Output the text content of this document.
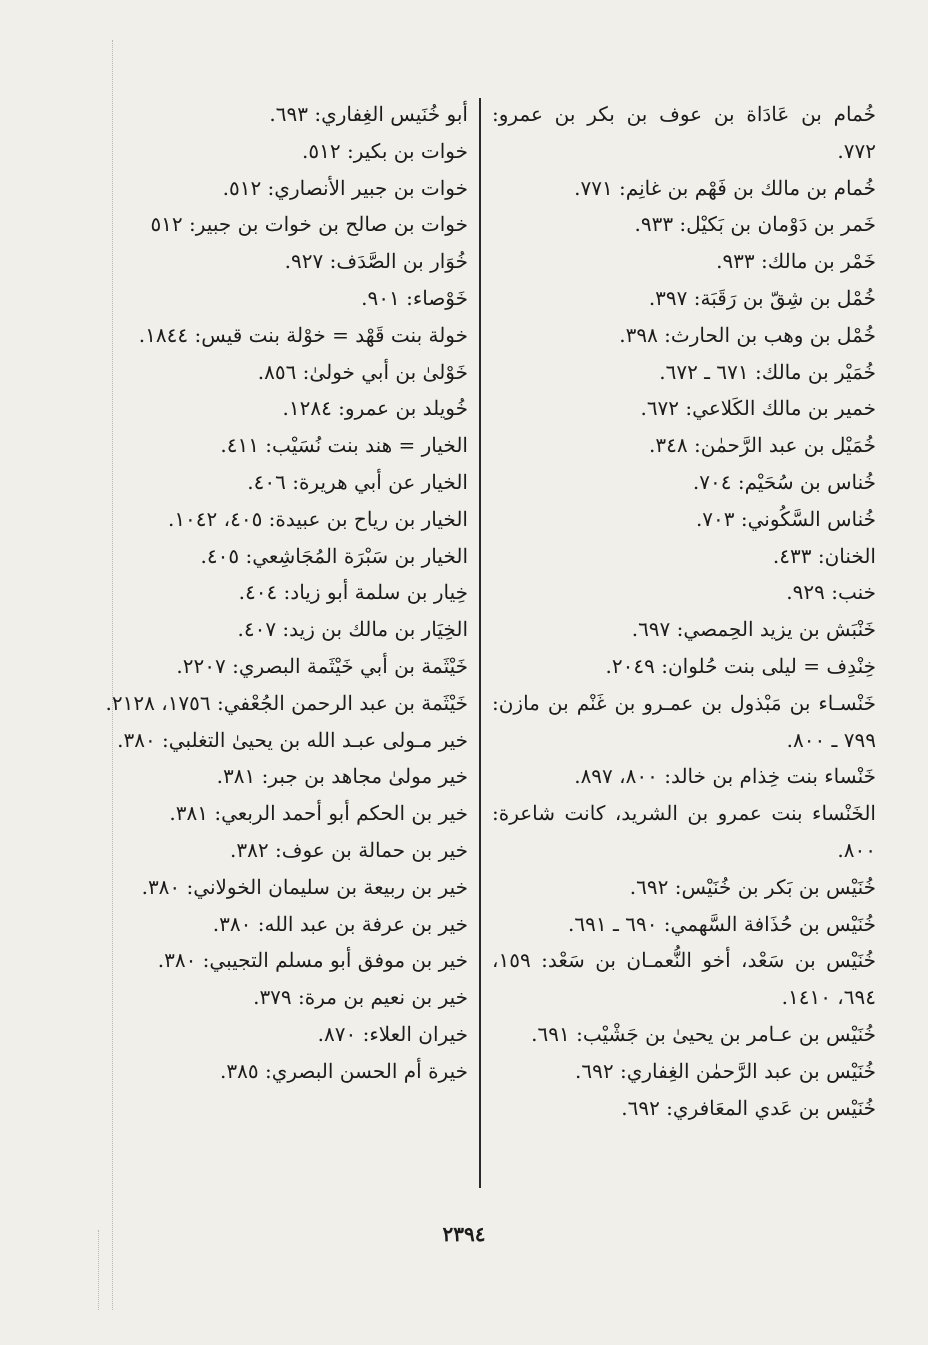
خُمام بن عَادَاة بن عوف بن بكر بن عمرو: ٧٧٢.

خُمام بن مالك بن فَهْم بن غانِم: ٧٧١.

خَمر بن دَوْمان بن بَكيْل: ٩٣٣.

خَمْر بن مالك: ٩٣٣.

خُمْل بن شِقّ بن رَقَبَة: ٣٩٧.

خُمْل بن وهب بن الحارث: ٣٩٨.

خُمَيْر بن مالك: ٦٧١ ـ ٦٧٢.

خمير بن مالك الكَلاعي: ٦٧٢.

خُمَيْل بن عبد الرَّحمٰن: ٣٤٨.

خُناس بن سُحَيْم: ٧٠٤.

خُناس السَّكُوني: ٧٠٣.

الخنان: ٤٣٣.

خنب: ٩٢٩.

خَنْبَش بن يزيد الحِمصي: ٦٩٧.

خِنْدِف = ليلى بنت حُلوان: ٢٠٤٩.

خَنْسـاء بن مَبْذول بن عمـرو بن غَنْم بن مازن: ٧٩٩ ـ ٨٠٠.

خَنْساء بنت خِذام بن خالد: ٨٠٠، ٨٩٧.

الخَنْساء بنت عمرو بن الشريد، كانت شاعرة: ٨٠٠.

خُنَيْس بن بَكر بن خُنَيْس: ٦٩٢.

خُنَيْس بن حُذَافة السَّهمي: ٦٩٠ ـ ٦٩١.

خُنَيْس بن سَعْد، أخو النُّعمـان بن سَعْد: ١٥٩، ٦٩٤، ١٤١٠.

خُنَيْس بن عـامر بن يحيىٰ بن جَشْيْب: ٦٩١.

خُنَيْس بن عبد الرَّحمٰن الغِفاري: ٦٩٢.

خُنَيْس بن عَدي المعَافري: ٦٩٢.

أبو خُنَيس الغِفاري: ٦٩٣.

خوات بن بكير: ٥١٢.

خوات بن جبير الأنصاري: ٥١٢.

خوات بن صالح بن خوات بن جبير: ٥١٢

خُوَار بن الصَّدَف: ٩٢٧.

خَوْصاء: ٩٠١.

خولة بنت قَهْد = خوْلة بنت قيس: ١٨٤٤.

خَوْلىٰ بن أبي خولىٰ: ٨٥٦.

خُويلد بن عمرو: ١٢٨٤.

الخيار = هند بنت نُسَيْب: ٤١١.

الخيار عن أبي هريرة: ٤٠٦.

الخيار بن رياح بن عبيدة: ٤٠٥، ١٠٤٢.

الخيار بن سَبْرَة المُجَاشِعي: ٤٠٥.

خِيار بن سلمة أبو زياد: ٤٠٤.

الخِيَار بن مالك بن زيد: ٤٠٧.

خَيْثَمة بن أبي خَيْثَمة البصري: ٢٢٠٧.

خَيْثَمة بن عبد الرحمن الجُعْفي: ١٧٥٦، ٢١٢٨.

خير مـولى عبـد الله بن يحيىٰ التغلبي: ٣٨٠.

خير مولىٰ مجاهد بن جبر: ٣٨١.

خير بن الحكم أبو أحمد الربعي: ٣٨١.

خير بن حمالة بن عوف: ٣٨٢.

خير بن ربيعة بن سليمان الخولاني: ٣٨٠.

خير بن عرفة بن عبد الله: ٣٨٠.

خير بن موفق أبو مسلم التجيبي: ٣٨٠.

خير بن نعيم بن مرة: ٣٧٩.

خيران العلاء: ٨٧٠.

خيرة أم الحسن البصري: ٣٨٥.

٢٣٩٤
